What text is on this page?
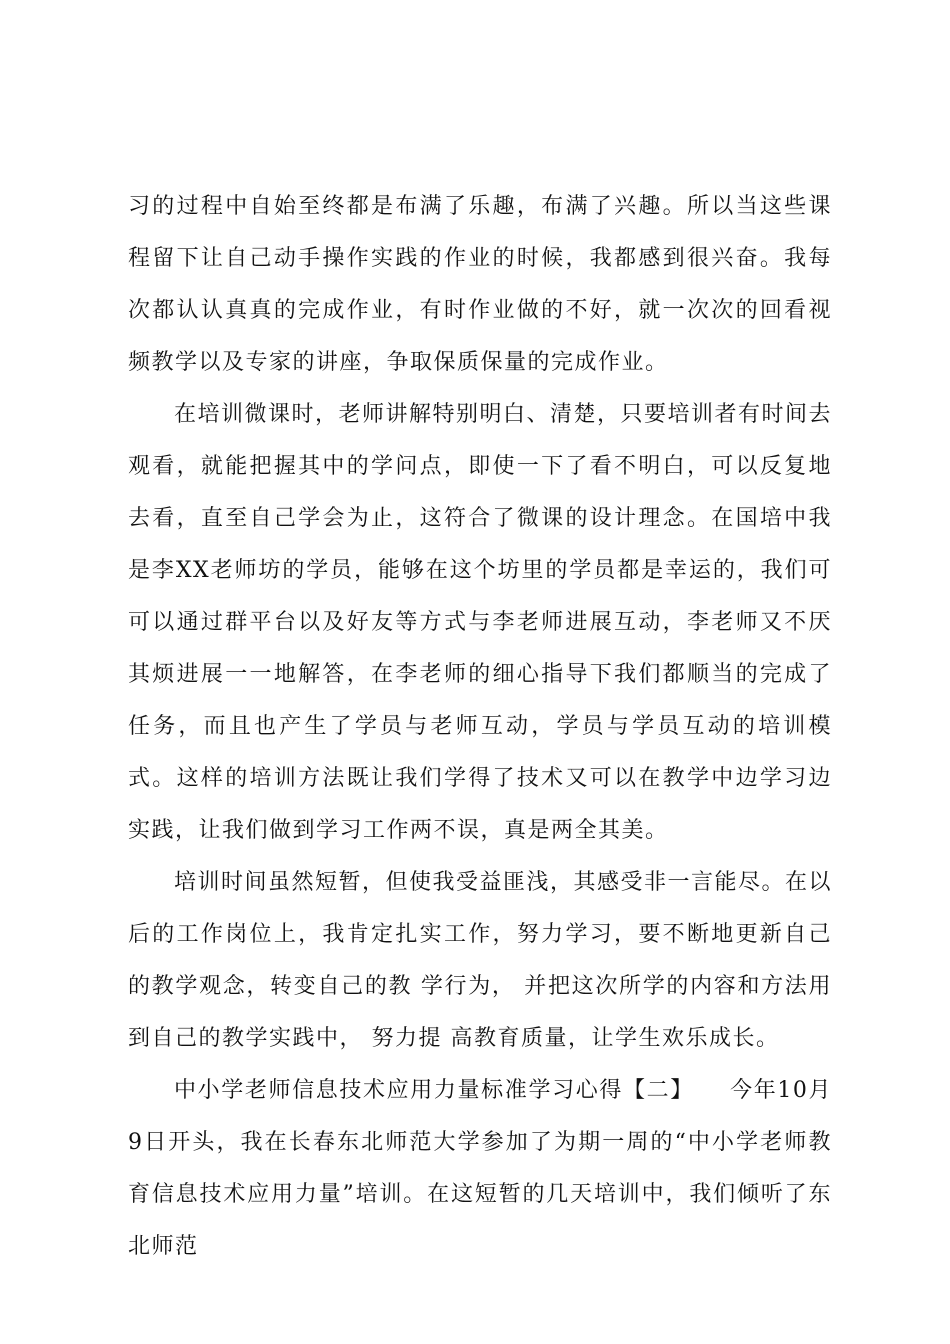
习的过程中自始至终都是布满了乐趣，布满了兴趣。所以当这些课程留下让自己动手操作实践的作业的时候，我都感到很兴奋。我每次都认认真真的完成作业，有时作业做的不好，就一次次的回看视频教学以及专家的讲座，争取保质保量的完成作业。

在培训微课时，老师讲解特别明白、清楚，只要培训者有时间去观看，就能把握其中的学问点，即使一下了看不明白，可以反复地去看，直至自己学会为止，这符合了微课的设计理念。在国培中我是李XX老师坊的学员，能够在这个坊里的学员都是幸运的，我们可可以通过群平台以及好友等方式与李老师进展互动，李老师又不厌其烦进展一一地解答，在李老师的细心指导下我们都顺当的完成了任务，而且也产生了学员与老师互动，学员与学员互动的培训模式。这样的培训方法既让我们学得了技术又可以在教学中边学习边实践，让我们做到学习工作两不误，真是两全其美。

培训时间虽然短暂，但使我受益匪浅，其感受非一言能尽。在以后的工作岗位上，我肯定扎实工作，努力学习，要不断地更新自己的教学观念，转变自己的教 学行为， 并把这次所学的内容和方法用到自己的教学实践中， 努力提 高教育质量，让学生欢乐成长。

中小学老师信息技术应用力量标准学习心得【二】　　今年10月9日开头，我在长春东北师范大学参加了为期一周的“中小学老师教育信息技术应用力量”培训。在这短暂的几天培训中，我们倾听了东北师范
